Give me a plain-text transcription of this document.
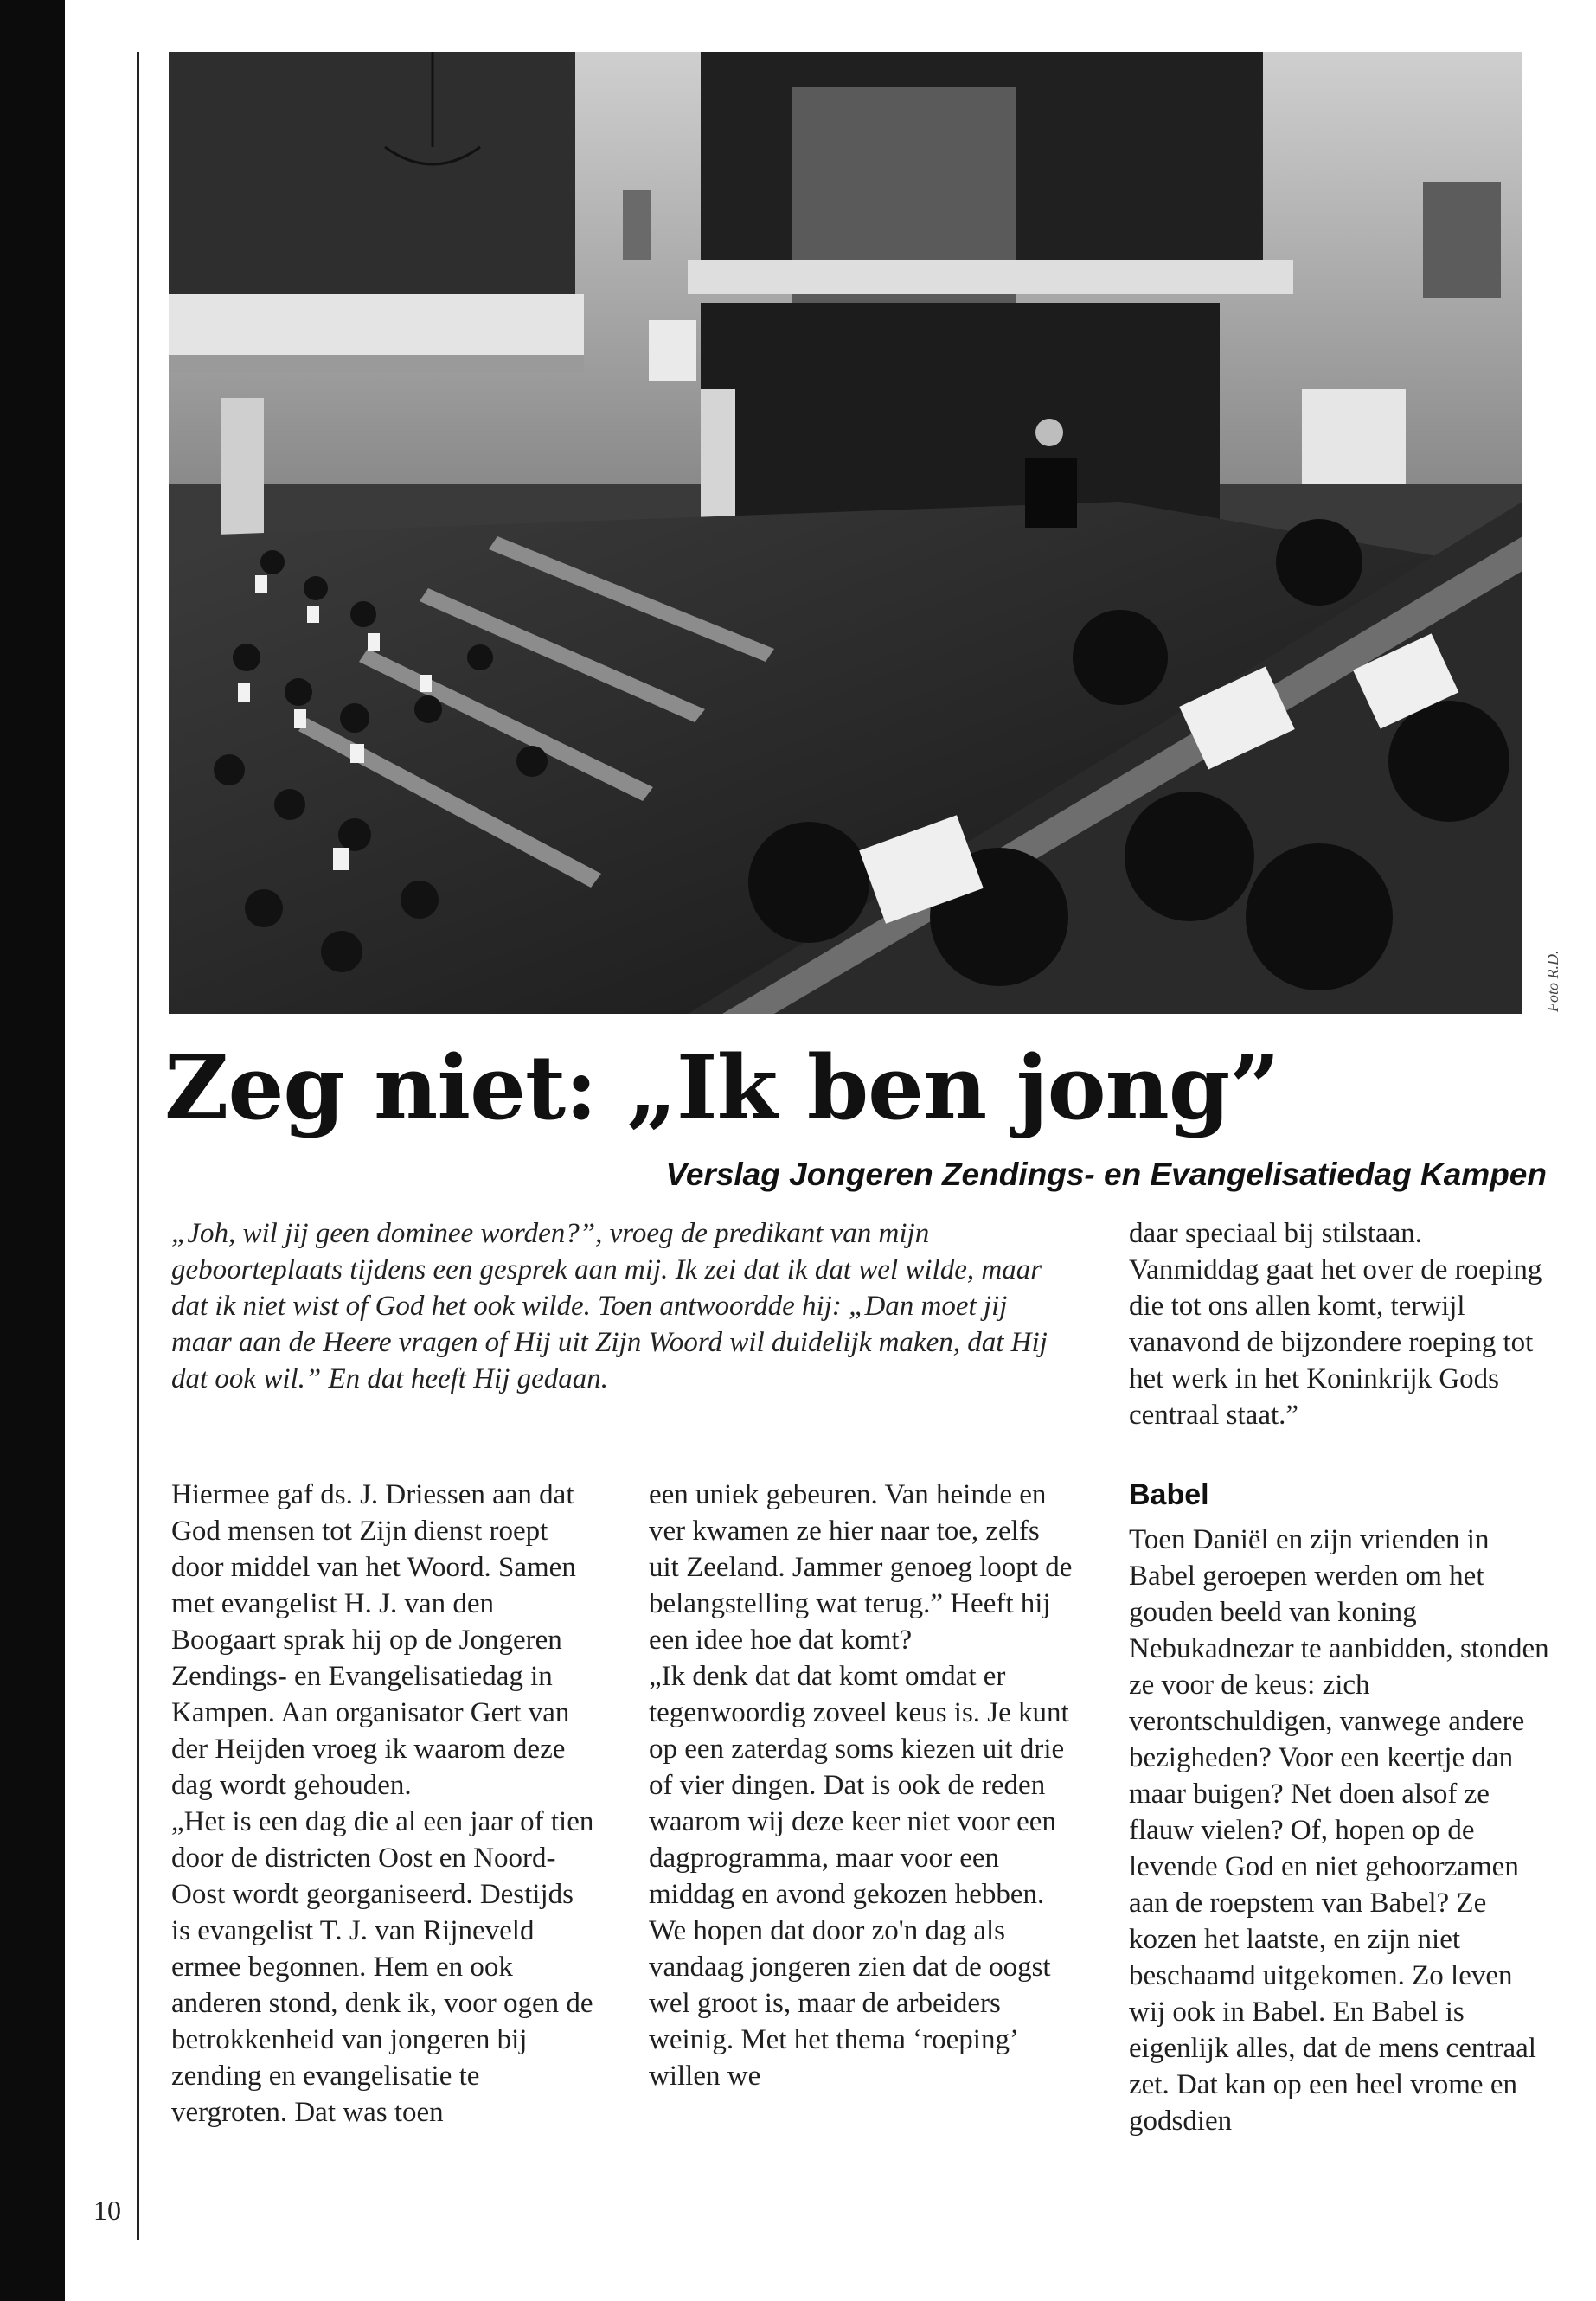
Foto R.D.
Zeg niet: „Ik ben jong”
Verslag Jongeren Zendings- en Evangelisatiedag Kampen

„Joh, wil jij geen dominee worden?”, vroeg de predikant van mijn geboorteplaats tijdens een gesprek aan mij. Ik zei dat ik dat wel wilde, maar dat ik niet wist of God het ook wilde. Toen antwoordde hij: „Dan moet jij maar aan de Heere vragen of Hij uit Zijn Woord wil duidelijk maken, dat Hij dat ook wil.” En dat heeft Hij gedaan.

Hiermee gaf ds. J. Driessen aan dat God mensen tot Zijn dienst roept door middel van het Woord. Samen met evangelist H. J. van den Boogaart sprak hij op de Jongeren Zendings- en Evangelisatiedag in Kampen. Aan organisator Gert van der Heijden vroeg ik waarom deze dag wordt gehouden.

„Het is een dag die al een jaar of tien door de districten Oost en Noord-Oost wordt georganiseerd. Destijds is evangelist T. J. van Rijneveld ermee begonnen. Hem en ook anderen stond, denk ik, voor ogen de betrokkenheid van jongeren bij zending en evangelisatie te vergroten. Dat was toen

een uniek gebeuren. Van heinde en ver kwamen ze hier naar toe, zelfs uit Zeeland. Jammer genoeg loopt de belangstelling wat terug.” Heeft hij een idee hoe dat komt?

„Ik denk dat dat komt omdat er tegenwoordig zoveel keus is. Je kunt op een zaterdag soms kiezen uit drie of vier dingen. Dat is ook de reden waarom wij deze keer niet voor een dagprogramma, maar voor een middag en avond gekozen hebben. We hopen dat door zo'n dag als vandaag jongeren zien dat de oogst wel groot is, maar de arbeiders weinig. Met het thema ‘roeping’ willen we

daar speciaal bij stilstaan. Vanmiddag gaat het over de roeping die tot ons allen komt, terwijl vanavond de bijzondere roeping tot het werk in het Koninkrijk Gods centraal staat.”

Babel

Toen Daniël en zijn vrienden in Babel geroepen werden om het gouden beeld van koning Nebukadnezar te aanbidden, stonden ze voor de keus: zich verontschuldigen, vanwege andere bezigheden? Voor een keertje dan maar buigen? Net doen alsof ze flauw vielen? Of, hopen op de levende God en niet gehoorzamen aan de roepstem van Babel? Ze kozen het laatste, en zijn niet beschaamd uitgekomen. Zo leven wij ook in Babel. En Babel is eigenlijk alles, dat de mens centraal zet. Dat kan op een heel vrome en godsdien

10
